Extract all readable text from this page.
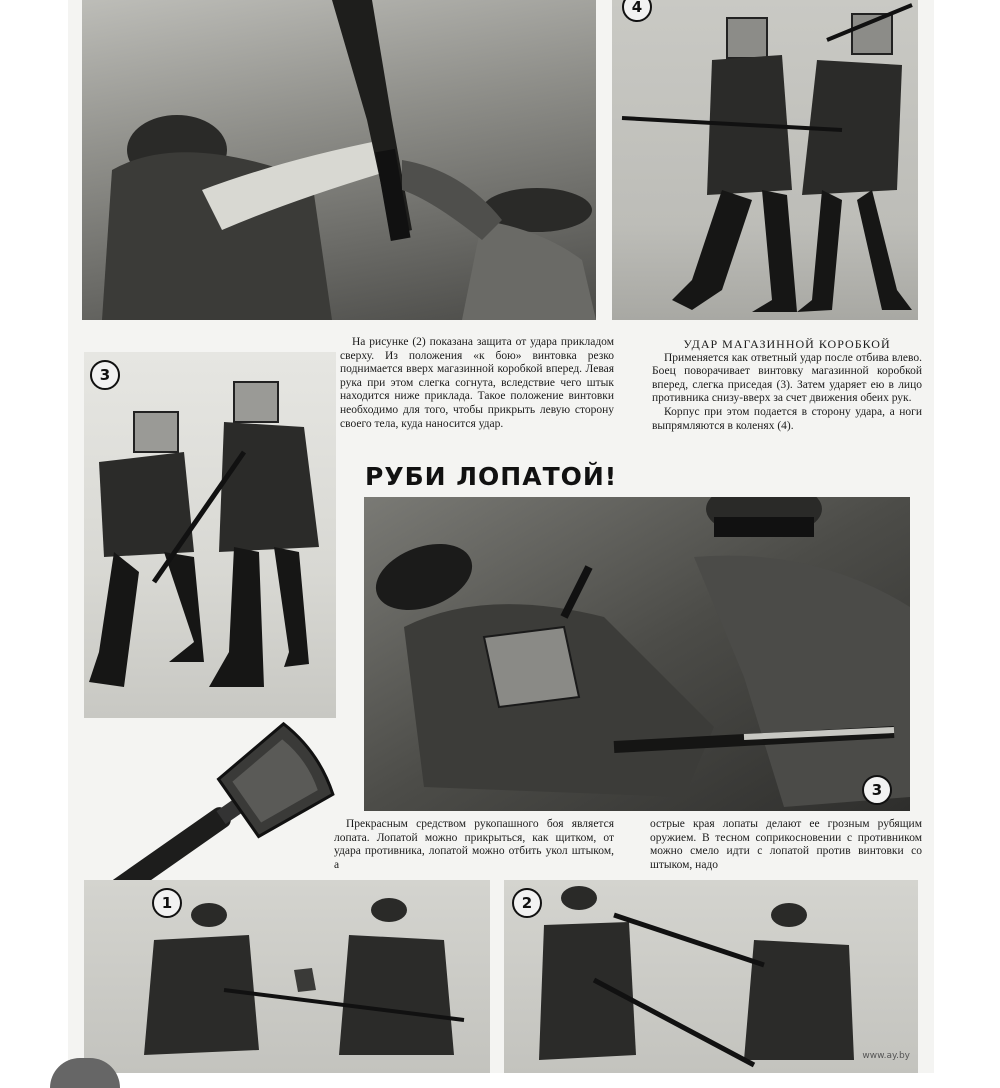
4
3

На рисунке (2) показана защита от удара прикладом сверху. Из положения «к бою» винтовка резко поднимается вверх магазинной коробкой вперед. Левая рука при этом слегка согнута, вследствие чего штык находится ниже приклада. Такое положение винтовки необходимо для того, чтобы прикрыть левую сторону своего тела, куда наносится удар.

УДАР МАГАЗИННОЙ КОРОБКОЙ

Применяется как ответный удар после отбива влево. Боец поворачивает винтовку магазинной коробкой вперед, слегка приседая (3). Затем ударяет ею в лицо противника снизу-вверх за счет движения обеих рук.

Корпус при этом подается в сторону удара, а ноги выпрямляются в коленях (4).

РУБИ ЛОПАТОЙ!
3

Прекрасным средством рукопашного боя является лопата. Лопатой можно прикрыться, как щитком, от удара противника, лопатой можно отбить укол штыком, а

острые края лопаты делают ее грозным рубящим оружием. В тесном соприкосновении с противником можно смело идти с лопатой против винтовки со штыком, надо

1	2
www.ay.by
